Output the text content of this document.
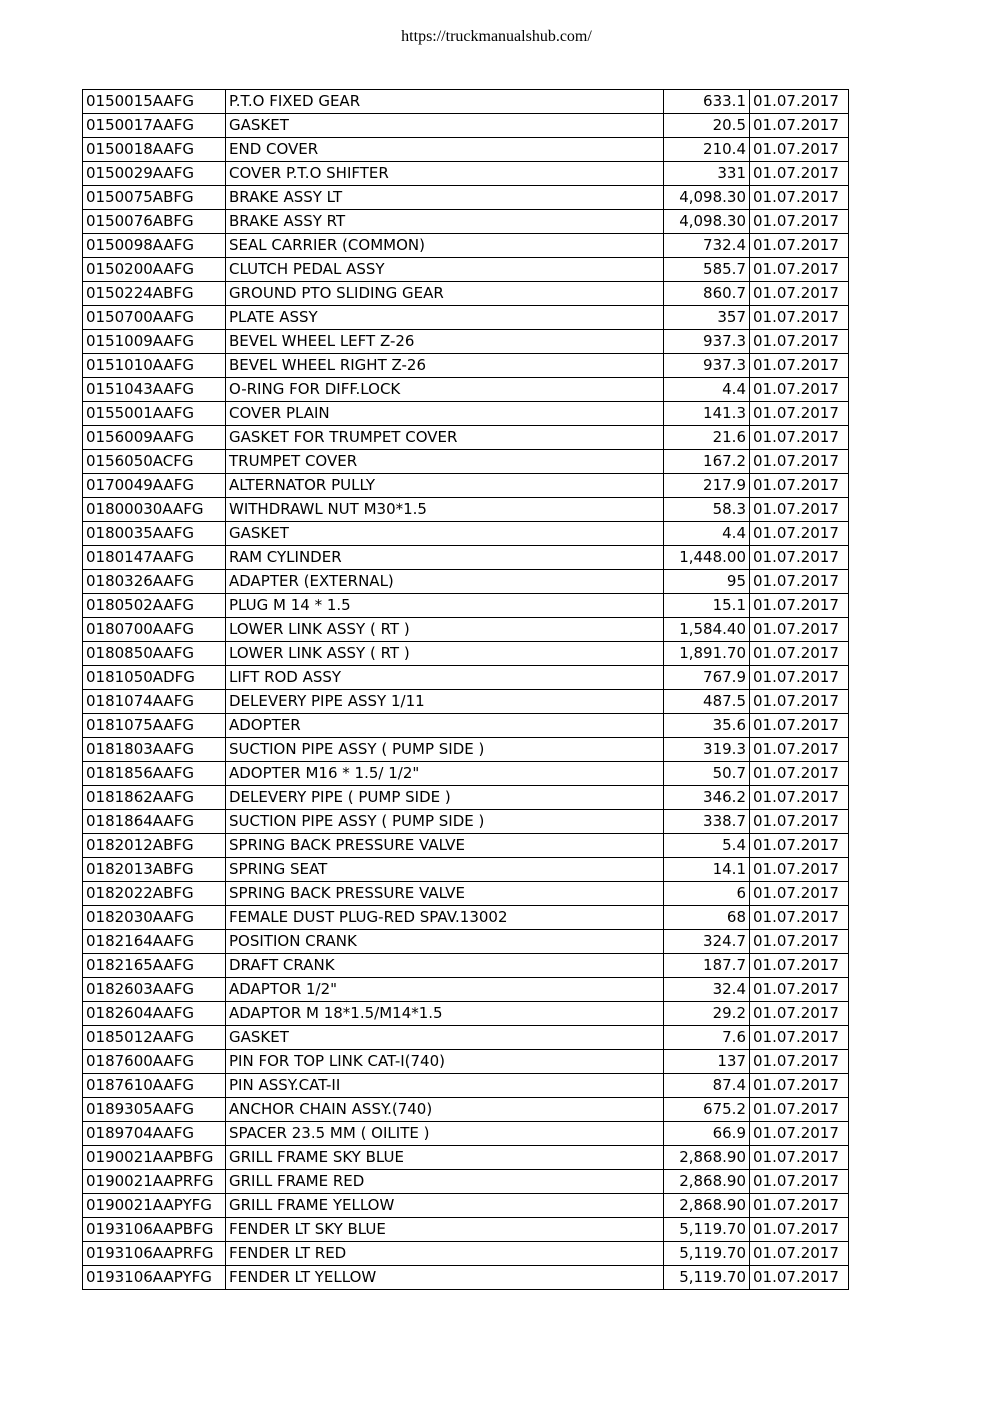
https://truckmanualshub.com/
0150015AAFG	P.T.O FIXED GEAR	633.1	01.07.2017
0150017AAFG	GASKET	20.5	01.07.2017
0150018AAFG	END COVER	210.4	01.07.2017
0150029AAFG	COVER P.T.O SHIFTER	331	01.07.2017
0150075ABFG	BRAKE ASSY LT	4,098.30	01.07.2017
0150076ABFG	BRAKE ASSY RT	4,098.30	01.07.2017
0150098AAFG	SEAL CARRIER (COMMON)	732.4	01.07.2017
0150200AAFG	CLUTCH PEDAL ASSY	585.7	01.07.2017
0150224ABFG	GROUND PTO SLIDING GEAR	860.7	01.07.2017
0150700AAFG	PLATE ASSY	357	01.07.2017
0151009AAFG	BEVEL WHEEL LEFT Z-26	937.3	01.07.2017
0151010AAFG	BEVEL WHEEL RIGHT Z-26	937.3	01.07.2017
0151043AAFG	O-RING FOR DIFF.LOCK	4.4	01.07.2017
0155001AAFG	COVER PLAIN	141.3	01.07.2017
0156009AAFG	GASKET FOR TRUMPET COVER	21.6	01.07.2017
0156050ACFG	TRUMPET COVER	167.2	01.07.2017
0170049AAFG	ALTERNATOR PULLY	217.9	01.07.2017
01800030AAFG	WITHDRAWL NUT M30*1.5	58.3	01.07.2017
0180035AAFG	GASKET	4.4	01.07.2017
0180147AAFG	RAM CYLINDER	1,448.00	01.07.2017
0180326AAFG	ADAPTER (EXTERNAL)	95	01.07.2017
0180502AAFG	PLUG M 14 * 1.5	15.1	01.07.2017
0180700AAFG	LOWER LINK ASSY ( RT )	1,584.40	01.07.2017
0180850AAFG	LOWER LINK ASSY ( RT )	1,891.70	01.07.2017
0181050ADFG	LIFT ROD ASSY	767.9	01.07.2017
0181074AAFG	DELEVERY PIPE ASSY 1/11	487.5	01.07.2017
0181075AAFG	ADOPTER	35.6	01.07.2017
0181803AAFG	SUCTION PIPE ASSY ( PUMP SIDE )	319.3	01.07.2017
0181856AAFG	ADOPTER M16 * 1.5/ 1/2"	50.7	01.07.2017
0181862AAFG	DELEVERY PIPE ( PUMP SIDE )	346.2	01.07.2017
0181864AAFG	SUCTION PIPE ASSY ( PUMP SIDE )	338.7	01.07.2017
0182012ABFG	SPRING BACK PRESSURE VALVE	5.4	01.07.2017
0182013ABFG	SPRING SEAT	14.1	01.07.2017
0182022ABFG	SPRING BACK PRESSURE VALVE	6	01.07.2017
0182030AAFG	FEMALE DUST PLUG-RED SPAV.13002	68	01.07.2017
0182164AAFG	POSITION CRANK	324.7	01.07.2017
0182165AAFG	DRAFT CRANK	187.7	01.07.2017
0182603AAFG	ADAPTOR 1/2"	32.4	01.07.2017
0182604AAFG	ADAPTOR M 18*1.5/M14*1.5	29.2	01.07.2017
0185012AAFG	GASKET	7.6	01.07.2017
0187600AAFG	PIN FOR TOP LINK CAT-I(740)	137	01.07.2017
0187610AAFG	PIN ASSY.CAT-II	87.4	01.07.2017
0189305AAFG	ANCHOR CHAIN ASSY.(740)	675.2	01.07.2017
0189704AAFG	SPACER 23.5 MM ( OILITE )	66.9	01.07.2017
0190021AAPBFG	GRILL FRAME SKY BLUE	2,868.90	01.07.2017
0190021AAPRFG	GRILL FRAME RED	2,868.90	01.07.2017
0190021AAPYFG	GRILL FRAME YELLOW	2,868.90	01.07.2017
0193106AAPBFG	FENDER LT SKY BLUE	5,119.70	01.07.2017
0193106AAPRFG	FENDER LT RED	5,119.70	01.07.2017
0193106AAPYFG	FENDER LT YELLOW	5,119.70	01.07.2017
